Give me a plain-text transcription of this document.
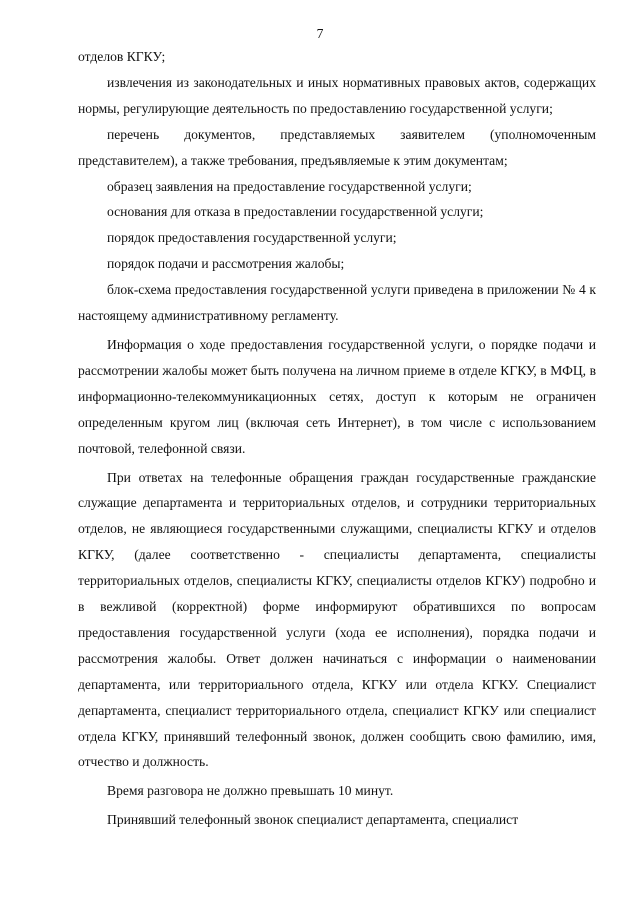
7

отделов КГКУ;

извлечения из законодательных и иных нормативных правовых актов, содержащих нормы, регулирующие деятельность по предоставлению государственной услуги;

перечень документов, представляемых заявителем (уполномоченным представителем), а также требования, предъявляемые к этим документам;

образец заявления на предоставление государственной услуги;

основания для отказа в предоставлении государственной услуги;

порядок предоставления государственной услуги;

порядок подачи и рассмотрения жалобы;

блок-схема предоставления государственной услуги приведена в приложении № 4 к настоящему административному регламенту.

Информация о ходе предоставления государственной услуги, о порядке подачи и рассмотрении жалобы может быть получена на личном приеме в отделе КГКУ, в МФЦ, в информационно-телекоммуникационных сетях, доступ к которым не ограничен определенным кругом лиц (включая сеть Интернет), в том числе с использованием почтовой, телефонной связи.

При ответах на телефонные обращения граждан государственные гражданские служащие департамента и территориальных отделов, и сотрудники территориальных отделов, не являющиеся государственными служащими, специалисты КГКУ и отделов КГКУ, (далее соответственно - специалисты департамента, специалисты территориальных отделов, специалисты КГКУ, специалисты отделов КГКУ) подробно и в вежливой (корректной) форме информируют обратившихся по вопросам предоставления государственной услуги (хода ее исполнения), порядка подачи и рассмотрения жалобы. Ответ должен начинаться с информации о наименовании департамента, или территориального отдела, КГКУ или отдела КГКУ. Специалист департамента, специалист территориального отдела, специалист КГКУ или специалист отдела КГКУ, принявший телефонный звонок, должен сообщить свою фамилию, имя, отчество и должность.

Время разговора не должно превышать 10 минут.

Принявший телефонный звонок специалист департамента, специалист
